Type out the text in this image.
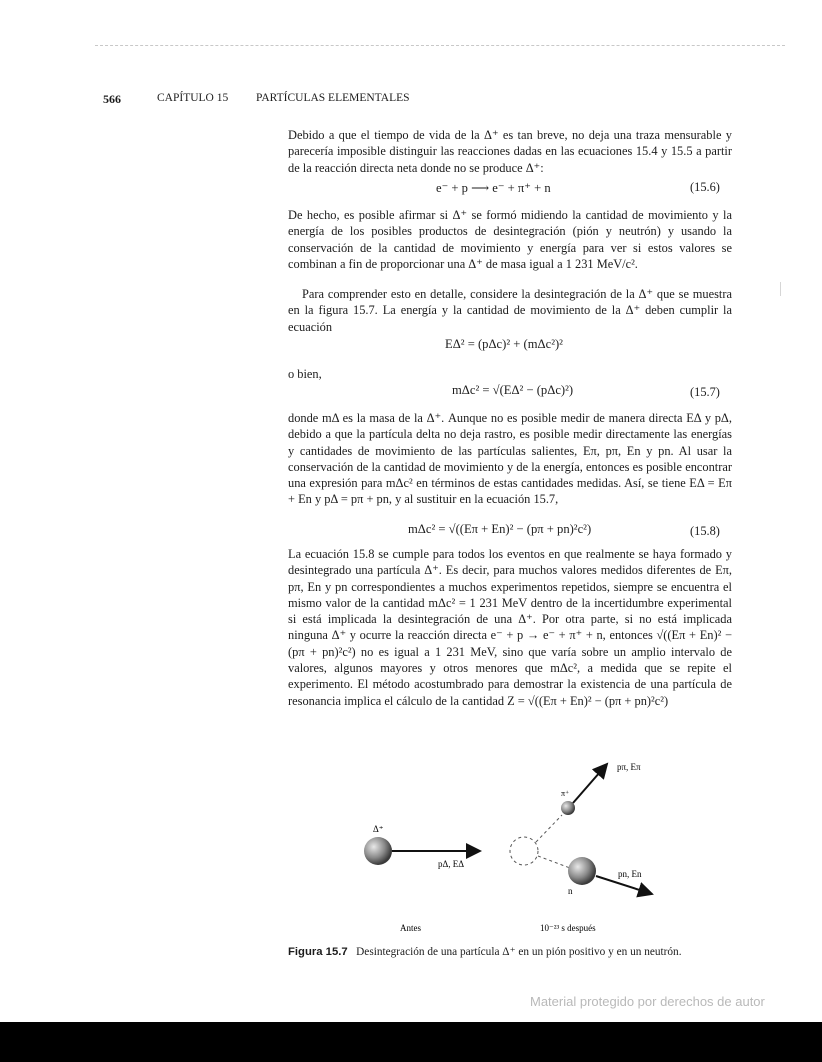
566	CAPÍTULO 15 PARTÍCULAS ELEMENTALES

Debido a que el tiempo de vida de la Δ⁺ es tan breve, no deja una traza mensurable y parecería imposible distinguir las reacciones dadas en las ecuaciones 15.4 y 15.5 a partir de la reacción directa neta donde no se produce Δ⁺:

e⁻ + p ⟶ e⁻ + π⁺ + n	(15.6)

De hecho, es posible afirmar si Δ⁺ se formó midiendo la cantidad de movimiento y la energía de los posibles productos de desintegración (pión y neutrón) y usando la conservación de la cantidad de movimiento y energía para ver si estos valores se combinan a fin de proporcionar una Δ⁺ de masa igual a 1 231 MeV/c².

Para comprender esto en detalle, considere la desintegración de la Δ⁺ que se muestra en la figura 15.7. La energía y la cantidad de movimiento de la Δ⁺ deben cumplir la ecuación

EΔ² = (pΔc)² + (mΔc²)²
o bien,
mΔc² = √(EΔ² − (pΔc)²)	(15.7)

donde mΔ es la masa de la Δ⁺. Aunque no es posible medir de manera directa EΔ y pΔ, debido a que la partícula delta no deja rastro, es posible medir directamente las energías y cantidades de movimiento de las partículas salientes, Eπ, pπ, En y pn. Al usar la conservación de la cantidad de movimiento y de la energía, entonces es posible encontrar una expresión para mΔc² en términos de estas cantidades medidas. Así, se tiene EΔ = Eπ + En y pΔ = pπ + pn, y al sustituir en la ecuación 15.7,

mΔc² = √((Eπ + En)² − (pπ + pn)²c²)	(15.8)

La ecuación 15.8 se cumple para todos los eventos en que realmente se haya formado y desintegrado una partícula Δ⁺. Es decir, para muchos valores medidos diferentes de Eπ, pπ, En y pn correspondientes a muchos experimentos repetidos, siempre se encuentra el mismo valor de la cantidad mΔc² = 1 231 MeV dentro de la incertidumbre experimental si está implicada la desintegración de una Δ⁺. Por otra parte, si no está implicada ninguna Δ⁺ y ocurre la reacción directa e⁻ + p → e⁻ + π⁺ + n, entonces √((Eπ + En)² − (pπ + pn)²c²) no es igual a 1 231 MeV, sino que varía sobre un amplio intervalo de valores, algunos mayores y otros menores que mΔc², a medida que se repite el experimento. El método acostumbrado para demostrar la existencia de una partícula de resonancia implica el cálculo de la cantidad Z = √((Eπ + En)² − (pπ + pn)²c²)

Δ⁺
pΔ, EΔ
π⁺
pπ, Eπ
n
pn, En
Antes	10⁻²³ s después
Figura 15.7 Desintegración de una partícula Δ⁺ en un pión positivo y en un neutrón.
Material protegido por derechos de autor
